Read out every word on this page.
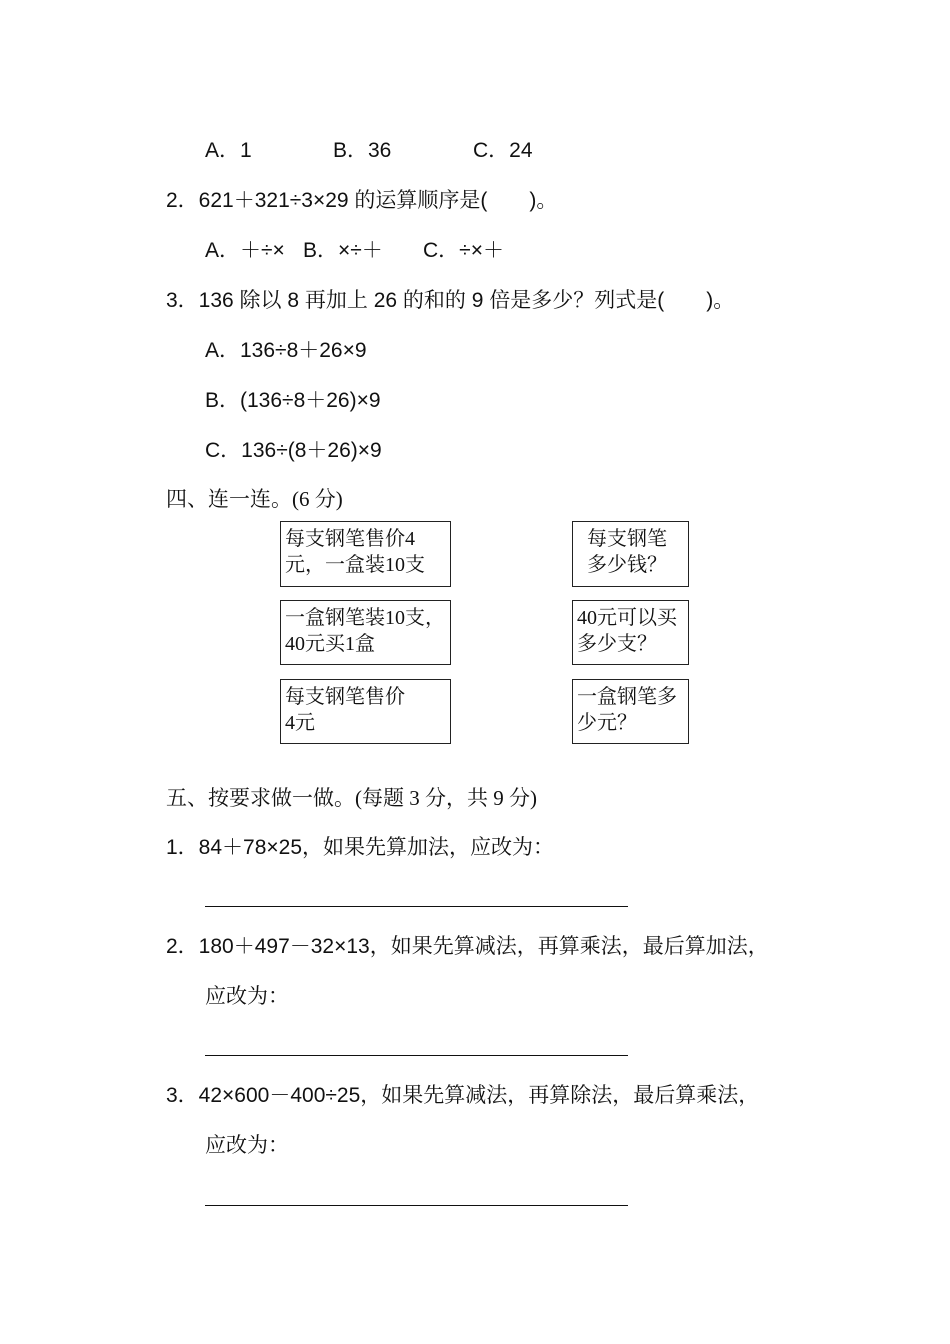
A．1	B．36	C．24
2．621＋321÷3×29 的运算顺序是(　　)。
A．＋÷× B．×÷＋ C．÷×＋
3．136 除以 8 再加上 26 的和的 9 倍是多少？列式是(　　)。
A．136÷8＋26×9
B．(136÷8＋26)×9
C．136÷(8＋26)×9
四、连一连。(6 分)
每支钢笔售价4
元，一盒装10支
一盒钢笔装10支，
40元买1盒
每支钢笔售价
4元
每支钢笔
多少钱？
40元可以买
多少支？
一盒钢笔多
少元？
五、按要求做一做。(每题 3 分，共 9 分)
1．84＋78×25，如果先算加法，应改为：
2．180＋497－32×13，如果先算减法，再算乘法，最后算加法，
应改为：
3．42×600－400÷25，如果先算减法，再算除法，最后算乘法，
应改为：
